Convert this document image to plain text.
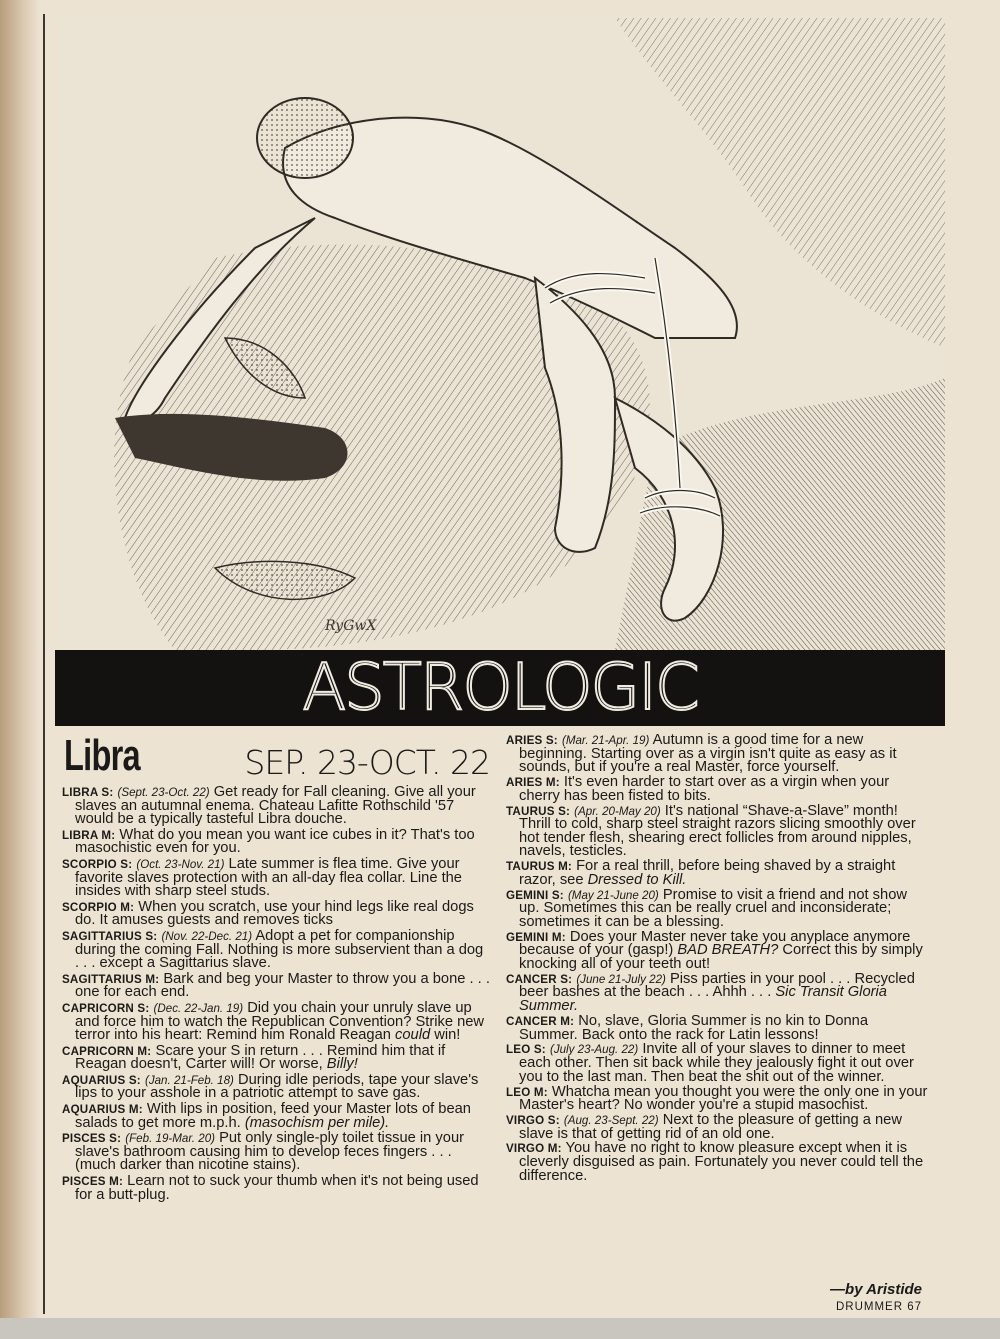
RyGwX
ASTROLOGIC
Libra	SEP. 23-OCT. 22

LIBRA S: (Sept. 23-Oct. 22) Get ready for Fall cleaning. Give all your slaves an autumnal enema. Chateau Lafitte Rothschild '57 would be a typically tasteful Libra douche.

LIBRA M: What do you mean you want ice cubes in it? That's too masochistic even for you.

SCORPIO S: (Oct. 23-Nov. 21) Late summer is flea time. Give your favorite slaves protection with an all-day flea collar. Line the insides with sharp steel studs.

SCORPIO M: When you scratch, use your hind legs like real dogs do. It amuses guests and removes ticks

SAGITTARIUS S: (Nov. 22-Dec. 21) Adopt a pet for companionship during the coming Fall. Nothing is more subservient than a dog . . . except a Sagittarius slave.

SAGITTARIUS M: Bark and beg your Master to throw you a bone . . . one for each end.

CAPRICORN S: (Dec. 22-Jan. 19) Did you chain your unruly slave up and force him to watch the Republican Convention? Strike new terror into his heart: Remind him Ronald Reagan could win!

CAPRICORN M: Scare your S in return . . . Remind him that if Reagan doesn't, Carter will! Or worse, Billy!

AQUARIUS S: (Jan. 21-Feb. 18) During idle periods, tape your slave's lips to your asshole in a patriotic attempt to save gas.

AQUARIUS M: With lips in position, feed your Master lots of bean salads to get more m.p.h. (masochism per mile).

PISCES S: (Feb. 19-Mar. 20) Put only single-ply toilet tissue in your slave's bathroom causing him to develop feces fingers . . . (much darker than nicotine stains).

PISCES M: Learn not to suck your thumb when it's not being used for a butt-plug.

ARIES S: (Mar. 21-Apr. 19) Autumn is a good time for a new beginning. Starting over as a virgin isn't quite as easy as it sounds, but if you're a real Master, force yourself.

ARIES M: It's even harder to start over as a virgin when your cherry has been fisted to bits.

TAURUS S: (Apr. 20-May 20) It's national “Shave-a-Slave” month! Thrill to cold, sharp steel straight razors slicing smoothly over hot tender flesh, shearing erect follicles from around nipples, navels, testicles.

TAURUS M: For a real thrill, before being shaved by a straight razor, see Dressed to Kill.

GEMINI S: (May 21-June 20) Promise to visit a friend and not show up. Sometimes this can be really cruel and inconsiderate; sometimes it can be a blessing.

GEMINI M: Does your Master never take you anyplace anymore because of your (gasp!) BAD BREATH? Correct this by simply knocking all of your teeth out!

CANCER S: (June 21-July 22) Piss parties in your pool . . . Recycled beer bashes at the beach . . . Ahhh . . . Sic Transit Gloria Summer.

CANCER M: No, slave, Gloria Summer is no kin to Donna Summer. Back onto the rack for Latin lessons!

LEO S: (July 23-Aug. 22) Invite all of your slaves to dinner to meet each other. Then sit back while they jealously fight it out over you to the last man. Then beat the shit out of the winner.

LEO M: Whatcha mean you thought you were the only one in your Master's heart? No wonder you're a stupid masochist.

VIRGO S: (Aug. 23-Sept. 22) Next to the pleasure of getting a new slave is that of getting rid of an old one.

VIRGO M: You have no right to know pleasure except when it is cleverly disguised as pain. Fortunately you never could tell the difference.

—by Aristide
DRUMMER 67
